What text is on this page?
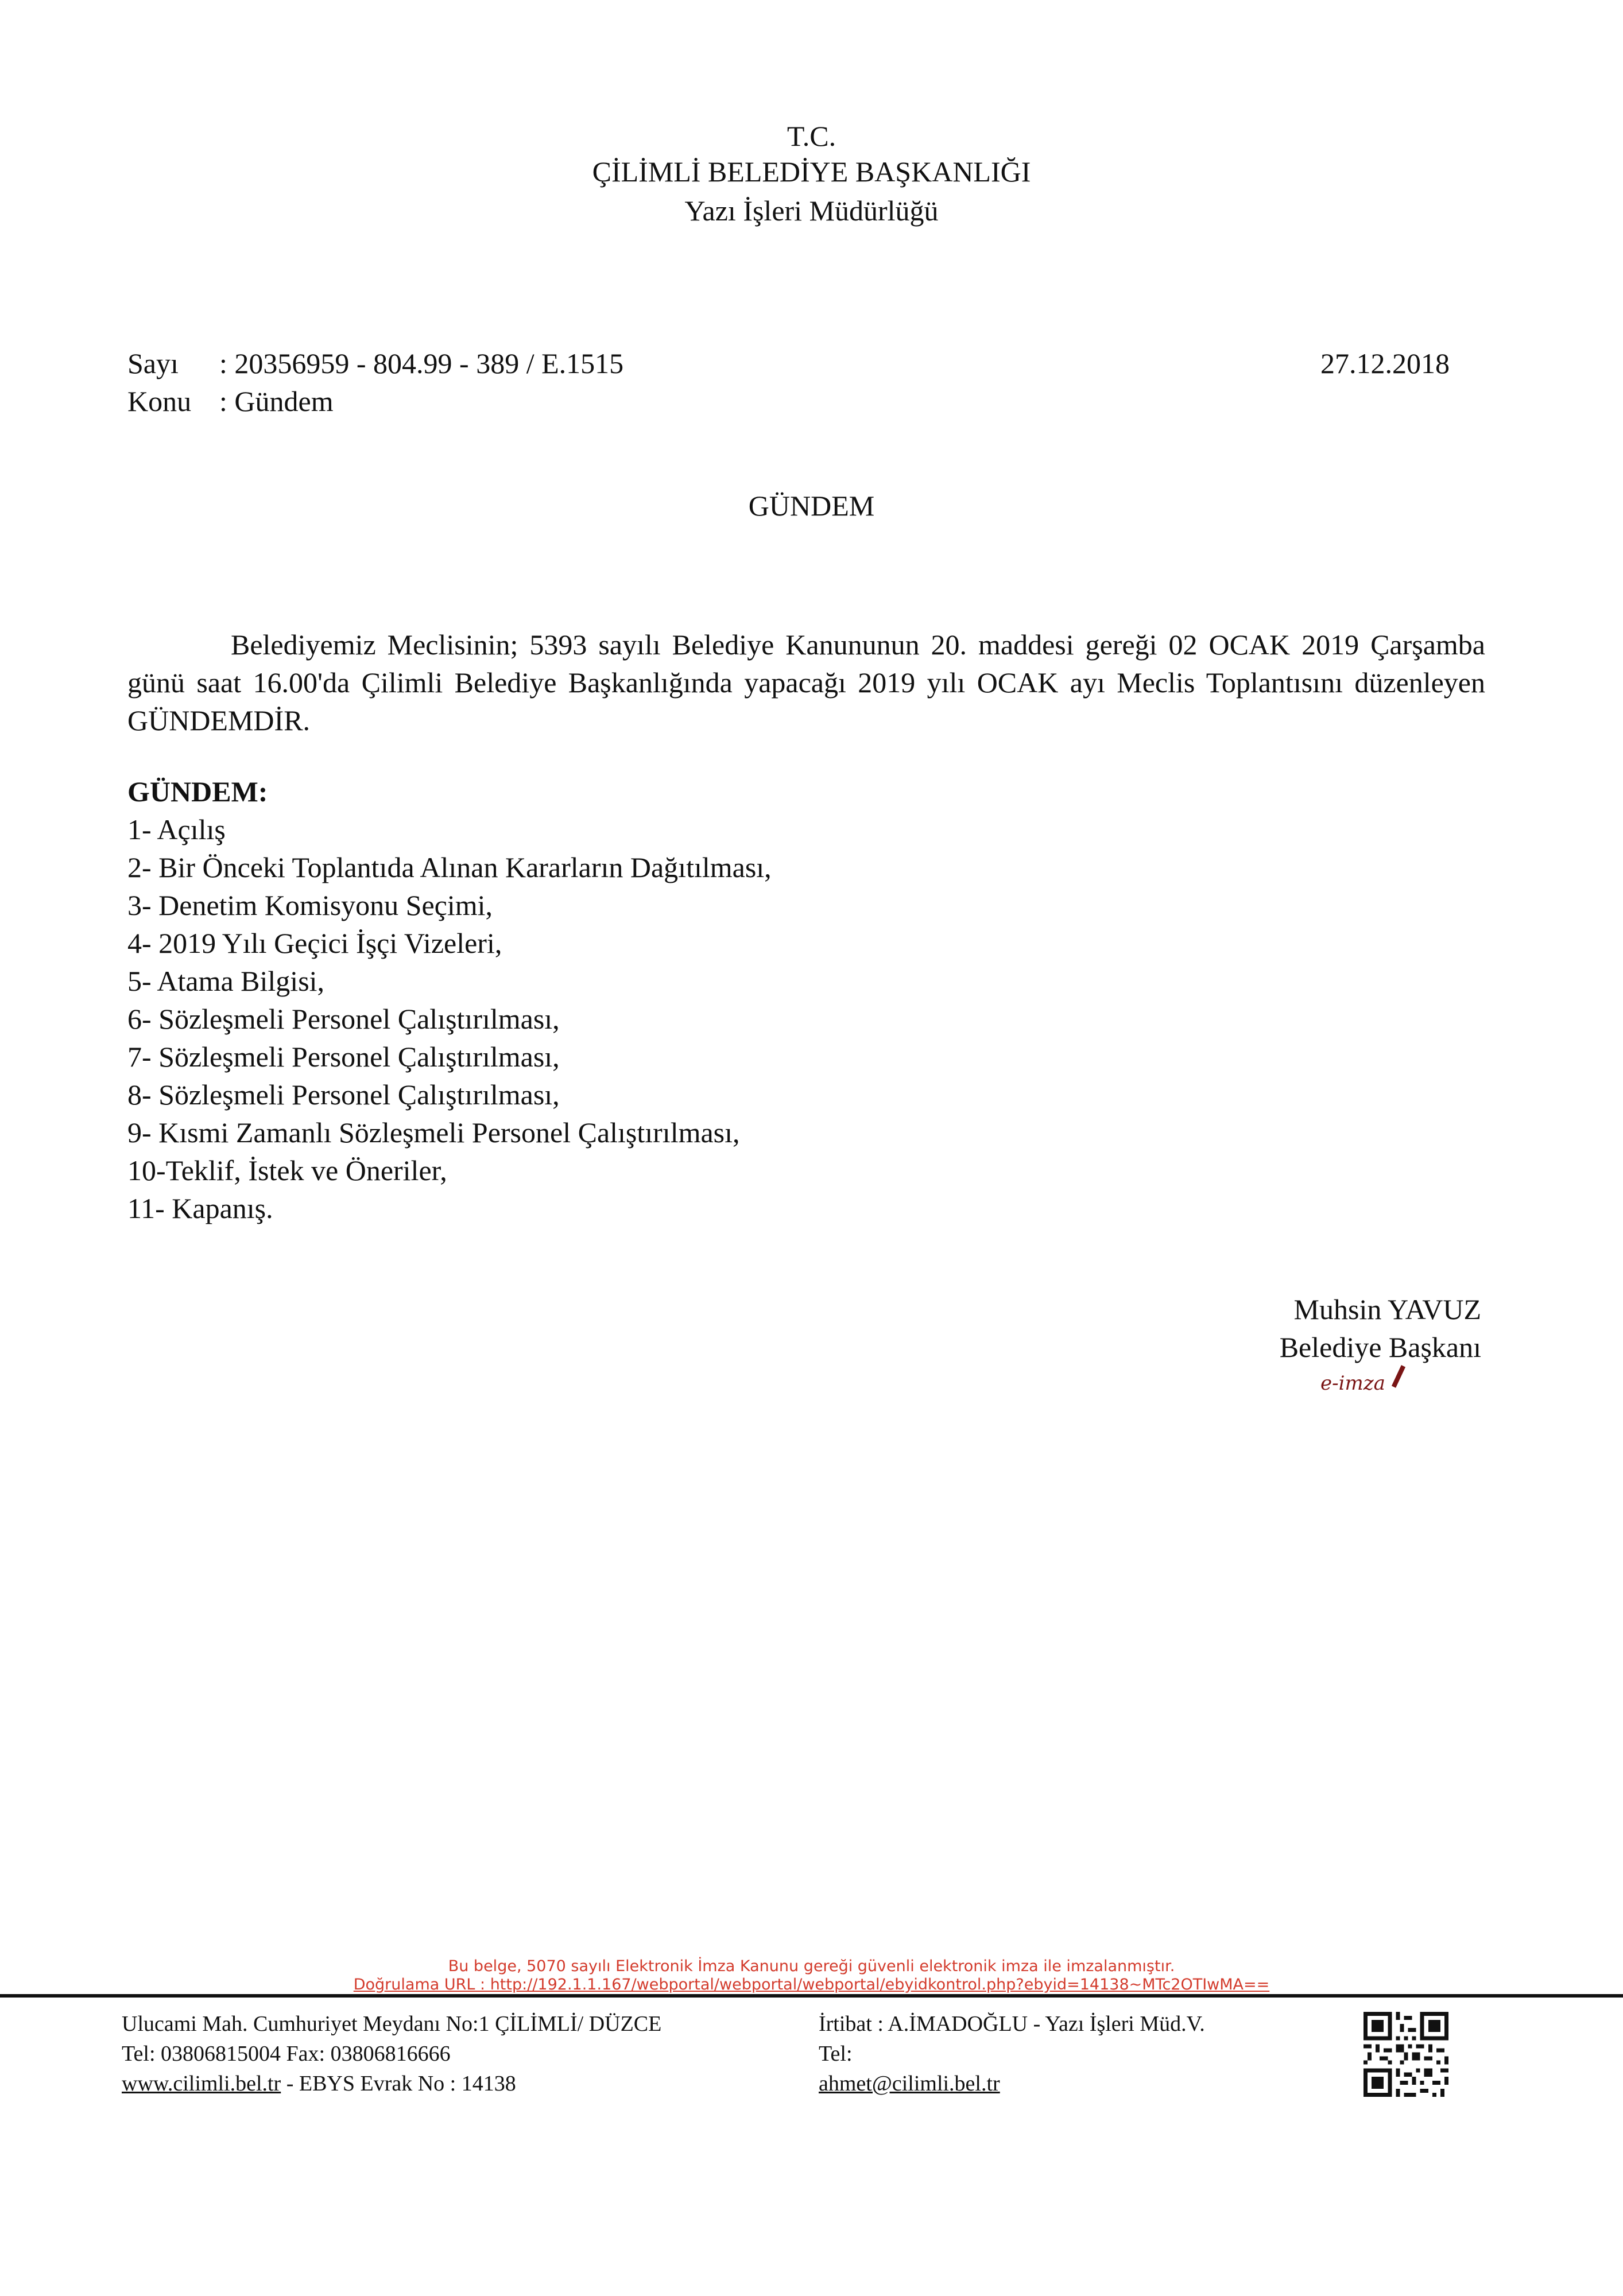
T.C.
ÇİLİMLİ BELEDİYE BAŞKANLIĞI
Yazı İşleri Müdürlüğü
Sayı : 20356959 - 804.99 - 389 / E.1515	27.12.2018
Konu : Gündem
GÜNDEM
Belediyemiz Meclisinin; 5393 sayılı Belediye Kanununun 20. maddesi gereği 02 OCAK 2019 Çarşamba günü saat 16.00'da Çilimli Belediye Başkanlığında yapacağı 2019 yılı OCAK ayı Meclis Toplantısını düzenleyen GÜNDEMDİR.
GÜNDEM:
1- Açılış
2- Bir Önceki Toplantıda Alınan Kararların Dağıtılması,
3- Denetim Komisyonu Seçimi,
4- 2019 Yılı Geçici İşçi Vizeleri,
5- Atama Bilgisi,
6- Sözleşmeli Personel Çalıştırılması,
7- Sözleşmeli Personel Çalıştırılması,
8- Sözleşmeli Personel Çalıştırılması,
9- Kısmi Zamanlı Sözleşmeli Personel Çalıştırılması,
10-Teklif, İstek ve Öneriler,
11- Kapanış.
Muhsin YAVUZ
Belediye Başkanı
e-imza
Bu belge, 5070 sayılı Elektronik İmza Kanunu gereği güvenli elektronik imza ile imzalanmıştır.
Doğrulama URL : http://192.1.1.167/webportal/webportal/webportal/ebyidkontrol.php?ebyid=14138~MTc2OTIwMA==
Ulucami Mah. Cumhuriyet Meydanı No:1 ÇİLİMLİ/ DÜZCE
Tel: 03806815004 Fax: 03806816666
www.cilimli.bel.tr - EBYS Evrak No : 14138
İrtibat : A.İMADOĞLU - Yazı İşleri Müd.V.
Tel:
ahmet@cilimli.bel.tr
